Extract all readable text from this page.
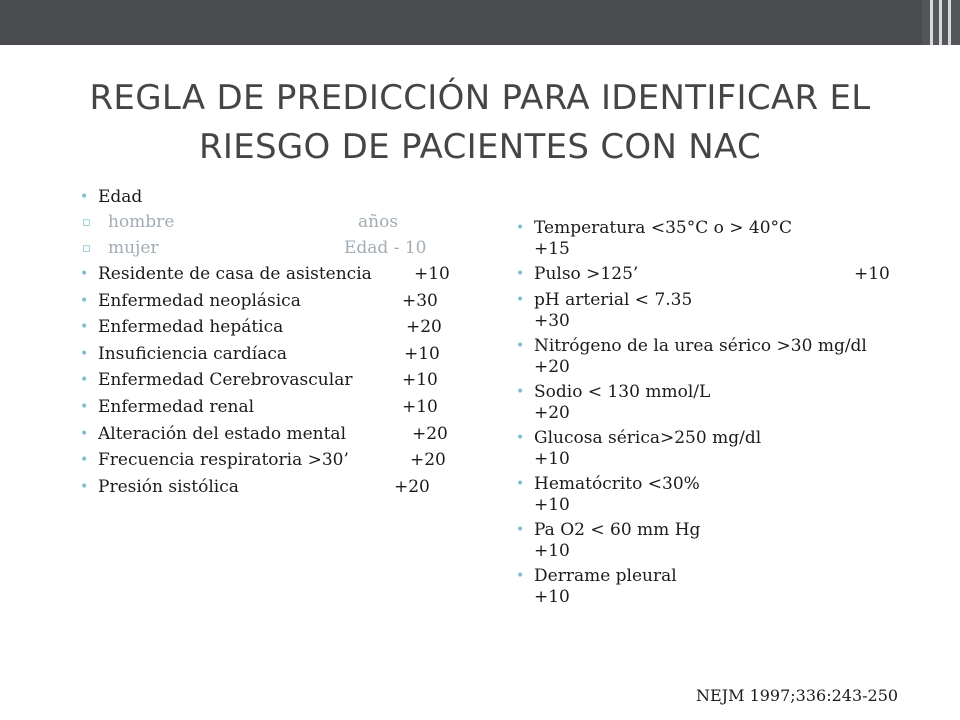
REGLA DE PREDICCIÓN PARA IDENTIFICAR EL
RIESGO DE PACIENTES CON NAC
• Edad
▫ hombre	años
▫ mujer	Edad - 10
• Residente de casa de asistencia +10
• Enfermedad neoplásica	+30
• Enfermedad hepática	+20
• Insuficiencia cardíaca	+10
• Enfermedad Cerebrovascular	+10
• Enfermedad renal	+10
• Alteración del estado mental	+20
• Frecuencia respiratoria >30’	+20
• Presión sistólica	+20
• Temperatura <35°C o > 40°C
+15
• Pulso >125’	+10
• pH arterial < 7.35
+30
• Nitrógeno de la urea sérico >30 mg/dl
+20
• Sodio < 130 mmol/L
+20
• Glucosa sérica>250 mg/dl
+10
• Hematócrito <30%
+10
• Pa O2 < 60 mm Hg
+10
• Derrame pleural
+10
NEJM 1997;336:243-250
